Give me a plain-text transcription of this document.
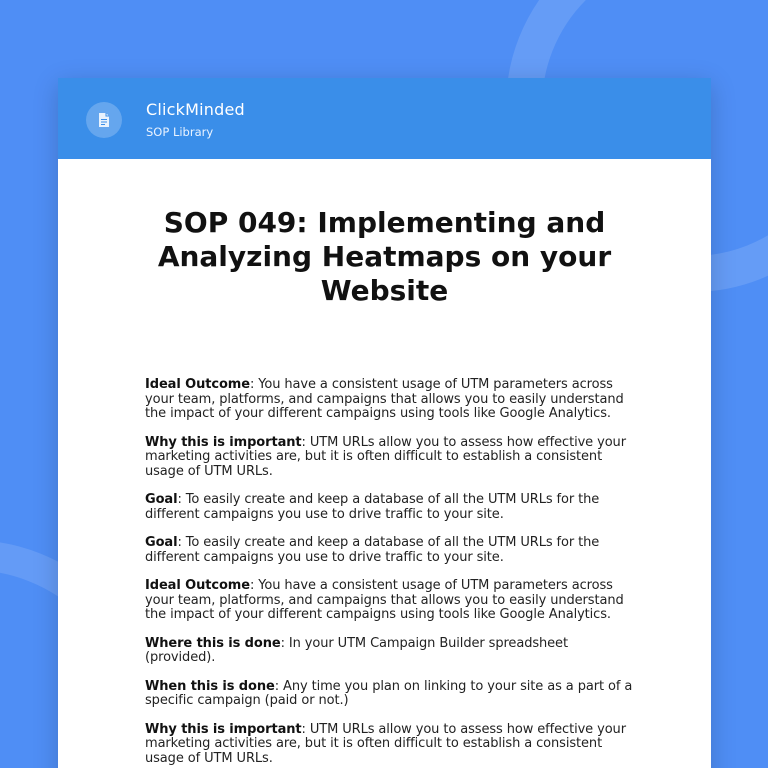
ClickMinded
SOP Library
SOP 049: Implementing and Analyzing Heatmaps on your Website

Ideal Outcome: You have a consistent usage of UTM parameters across your team, platforms, and campaigns that allows you to easily understand the impact of your different campaigns using tools like Google Analytics.

Why this is important: UTM URLs allow you to assess how effective your marketing activities are, but it is often difficult to establish a consistent usage of UTM URLs.

Goal: To easily create and keep a database of all the UTM URLs for the different campaigns you use to drive traffic to your site.

Goal: To easily create and keep a database of all the UTM URLs for the different campaigns you use to drive traffic to your site.

Ideal Outcome: You have a consistent usage of UTM parameters across your team, platforms, and campaigns that allows you to easily understand the impact of your different campaigns using tools like Google Analytics.

Where this is done: In your UTM Campaign Builder spreadsheet (provided).

When this is done: Any time you plan on linking to your site as a part of a specific campaign (paid or not.)

Why this is important: UTM URLs allow you to assess how effective your marketing activities are, but it is often difficult to establish a consistent usage of UTM URLs.
